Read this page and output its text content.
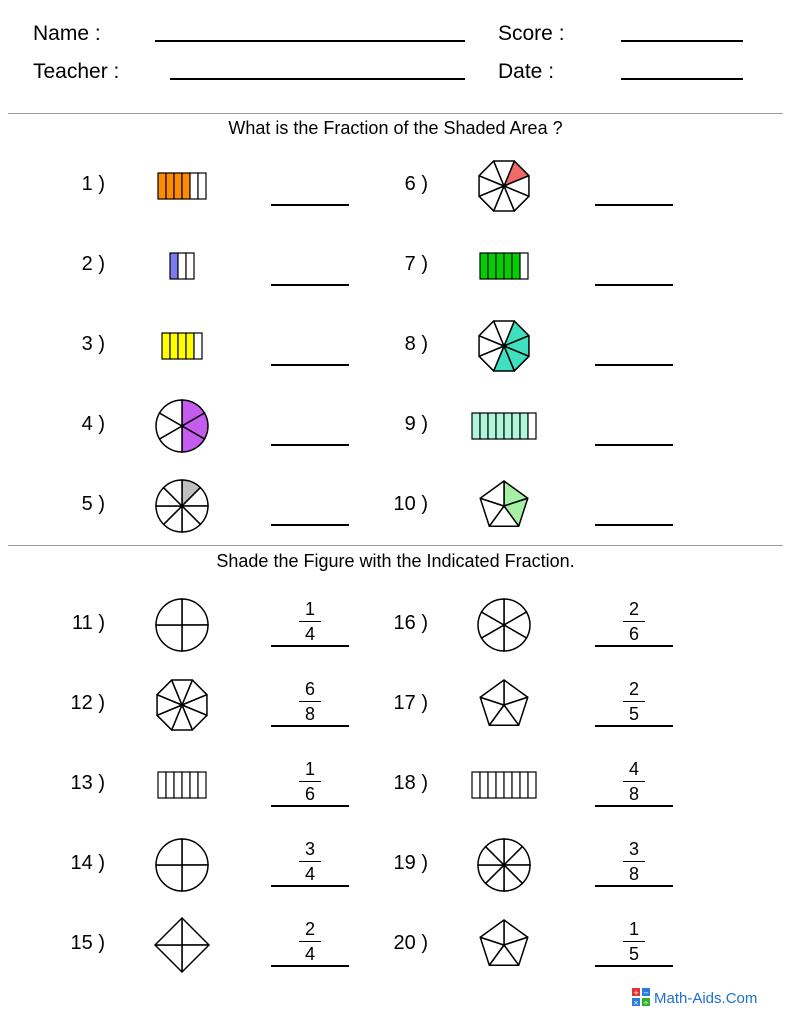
Name :	Score :
Teacher :	Date :
What is the Fraction of the Shaded Area ?
1 )
2 )
3 )
4 )
5 )
6 )
7 )
8 )
9 )
10 )
Shade the Figure with the Indicated Fraction.
11 )
1
4
12 )
6
8
13 )
1
6
14 )
3
4
15 )
2
4
16 )
2
6
17 )
2
5
18 )
4
8
19 )
3
8
20 )
1
5
+ −
× ÷ Math-Aids.Com
